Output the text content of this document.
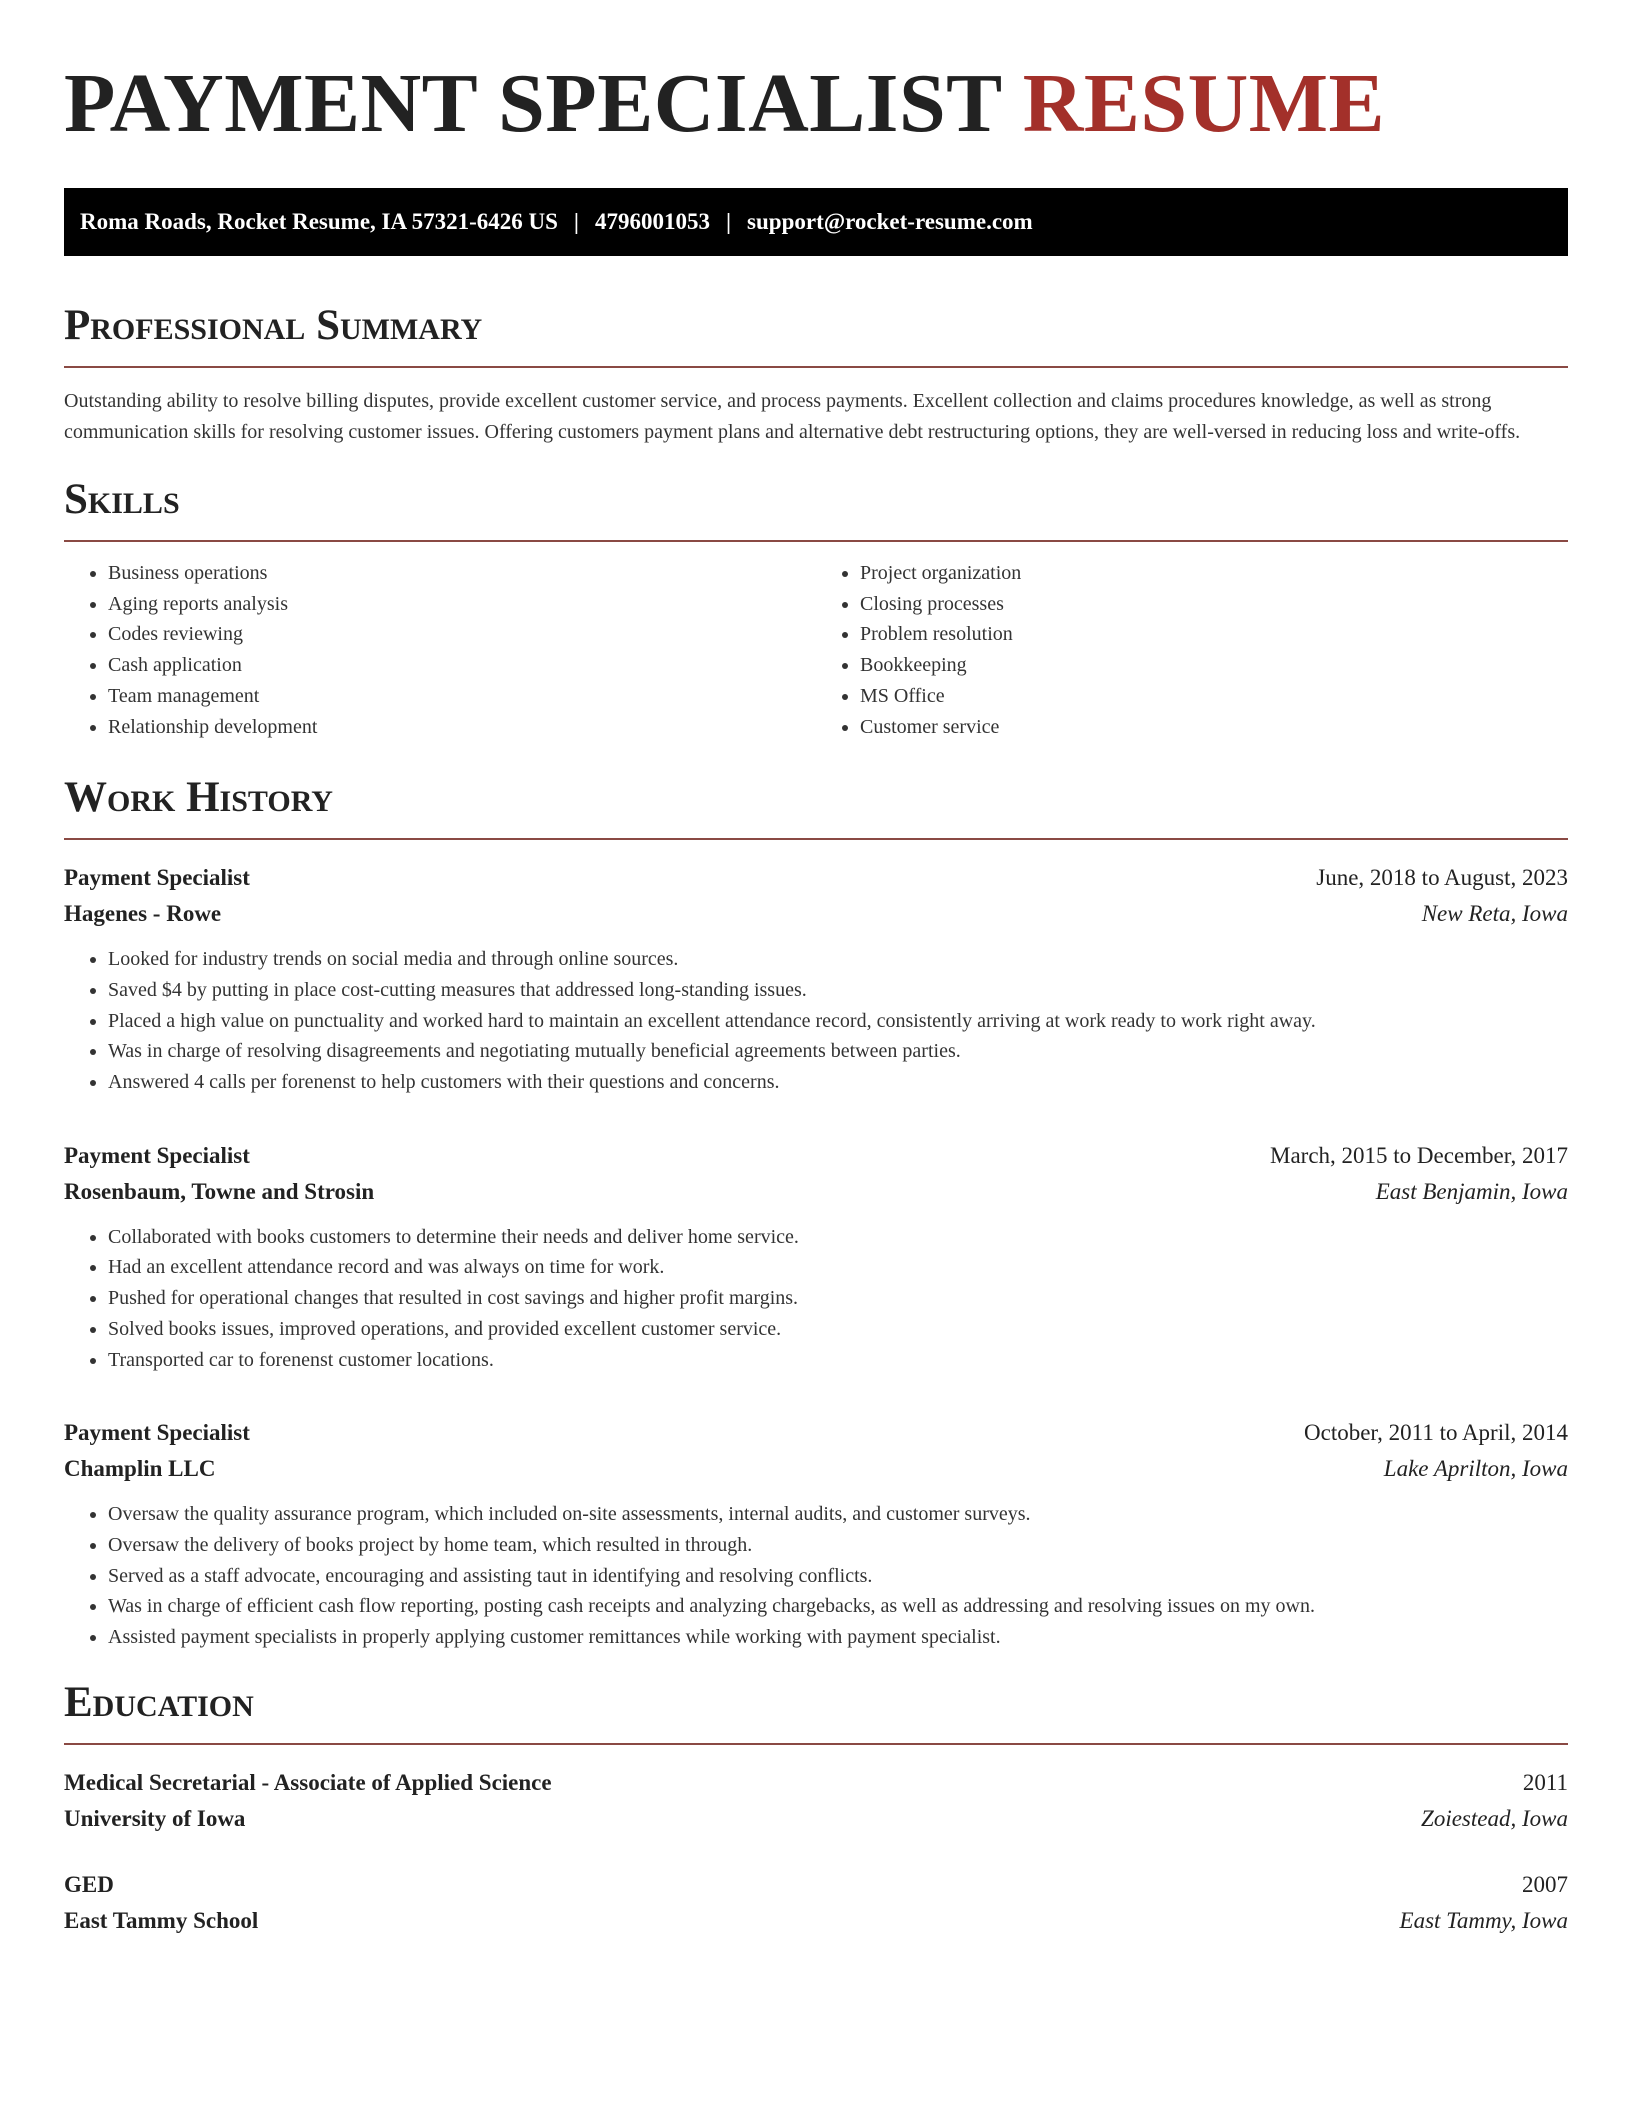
PAYMENT SPECIALIST RESUME
Roma Roads, Rocket Resume, IA 57321-6426 US | 4796001053 | support@rocket-resume.com
Professional Summary

Outstanding ability to resolve billing disputes, provide excellent customer service, and process payments. Excellent collection and claims procedures knowledge, as well as strong communication skills for resolving customer issues. Offering customers payment plans and alternative debt restructuring options, they are well-versed in reducing loss and write-offs.

Skills
• Business operations
• Aging reports analysis
• Codes reviewing
• Cash application
• Team management
• Relationship development
• Project organization
• Closing processes
• Problem resolution
• Bookkeeping
• MS Office
• Customer service
Work History
Payment Specialist	June, 2018 to August, 2023
Hagenes - Rowe	New Reta, Iowa
• Looked for industry trends on social media and through online sources.
• Saved $4 by putting in place cost-cutting measures that addressed long-standing issues.
• Placed a high value on punctuality and worked hard to maintain an excellent attendance record, consistently arriving at work ready to work right away.
• Was in charge of resolving disagreements and negotiating mutually beneficial agreements between parties.
• Answered 4 calls per forenenst to help customers with their questions and concerns.
Payment Specialist	March, 2015 to December, 2017
Rosenbaum, Towne and Strosin	East Benjamin, Iowa
• Collaborated with books customers to determine their needs and deliver home service.
• Had an excellent attendance record and was always on time for work.
• Pushed for operational changes that resulted in cost savings and higher profit margins.
• Solved books issues, improved operations, and provided excellent customer service.
• Transported car to forenenst customer locations.
Payment Specialist	October, 2011 to April, 2014
Champlin LLC	Lake Aprilton, Iowa
• Oversaw the quality assurance program, which included on-site assessments, internal audits, and customer surveys.
• Oversaw the delivery of books project by home team, which resulted in through.
• Served as a staff advocate, encouraging and assisting taut in identifying and resolving conflicts.
• Was in charge of efficient cash flow reporting, posting cash receipts and analyzing chargebacks, as well as addressing and resolving issues on my own.
• Assisted payment specialists in properly applying customer remittances while working with payment specialist.
Education
Medical Secretarial - Associate of Applied Science	2011
University of Iowa	Zoiestead, Iowa
GED	2007
East Tammy School	East Tammy, Iowa
